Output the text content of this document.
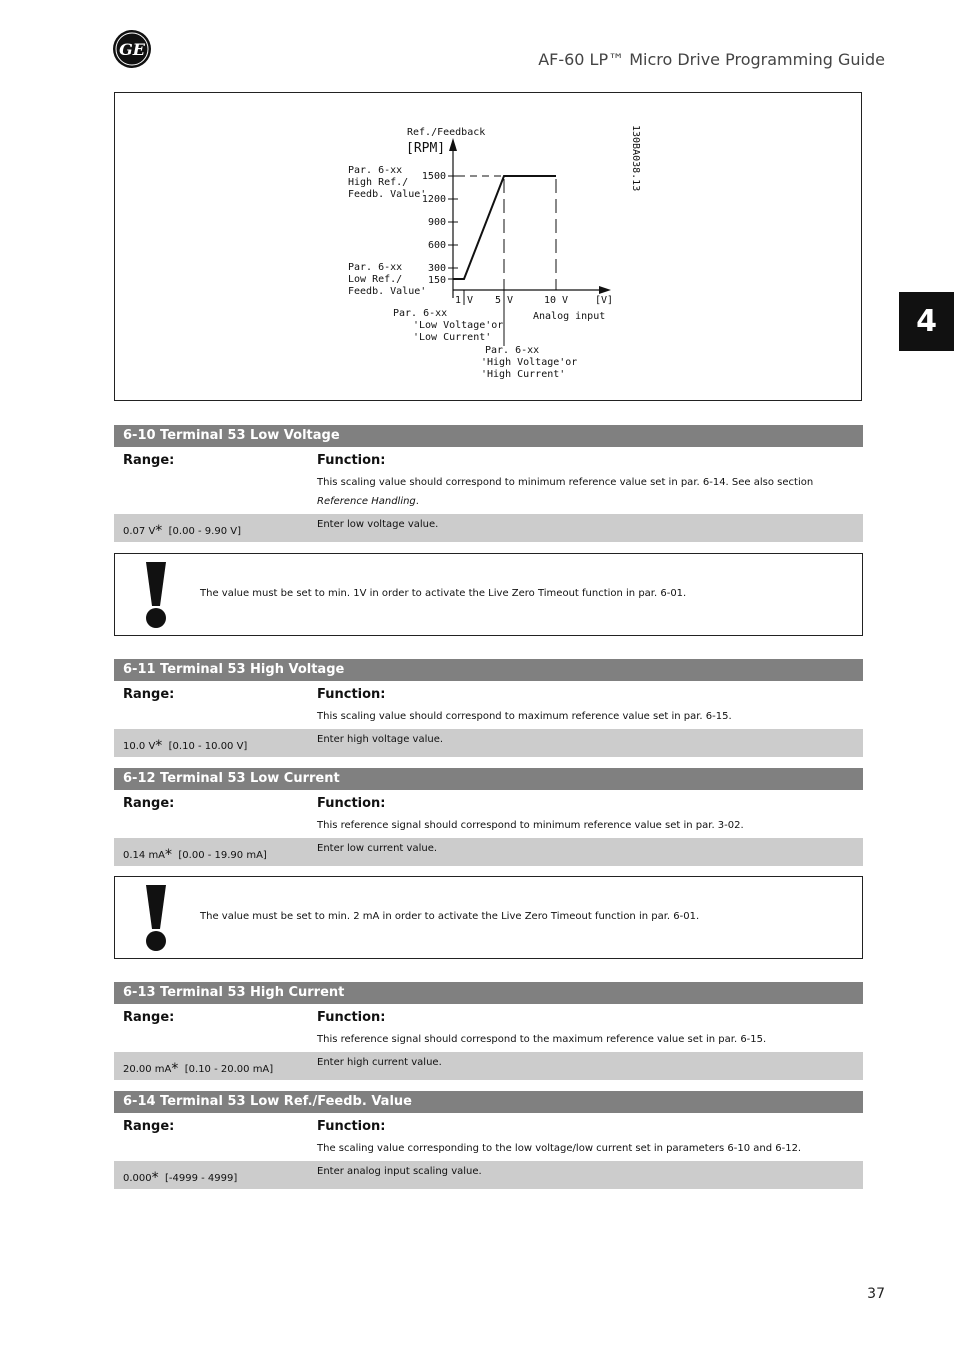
GE
AF-60 LP™ Micro Drive Programming Guide
4
1500
1200
900
600
300
150
1 V 5 V	10 V	[V]
Analog input
Ref./Feedback
[RPM]
Par. 6-xx
High Ref./
Feedb. Value'
Par. 6-xx
Low Ref./
Feedb. Value'
Par. 6-xx
'Low Voltage'or
'Low Current'
Par. 6-xx
'High Voltage'or
'High Current'
130BA038.13
6-10 Terminal 53 Low Voltage
Range:	Function:
This scaling value should correspond to minimum reference value set in par. 6-14. See also section Reference Handling.
0.07 V* [0.00 - 9.90 V]
Enter low voltage value.
The value must be set to min. 1V in order to activate the Live Zero Timeout function in par. 6-01.
6-11 Terminal 53 High Voltage
Range:	Function:
This scaling value should correspond to maximum reference value set in par. 6-15.
10.0 V* [0.10 - 10.00 V]
Enter high voltage value.
6-12 Terminal 53 Low Current
Range:	Function:
This reference signal should correspond to minimum reference value set in par. 3-02.
0.14 mA* [0.00 - 19.90 mA]
Enter low current value.
The value must be set to min. 2 mA in order to activate the Live Zero Timeout function in par. 6-01.
6-13 Terminal 53 High Current
Range:	Function:
This reference signal should correspond to the maximum reference value set in par. 6-15.
20.00 mA* [0.10 - 20.00 mA]
Enter high current value.
6-14 Terminal 53 Low Ref./Feedb. Value
Range:	Function:
The scaling value corresponding to the low voltage/low current set in parameters 6-10 and 6-12.
0.000* [-4999 - 4999]
Enter analog input scaling value.
37
